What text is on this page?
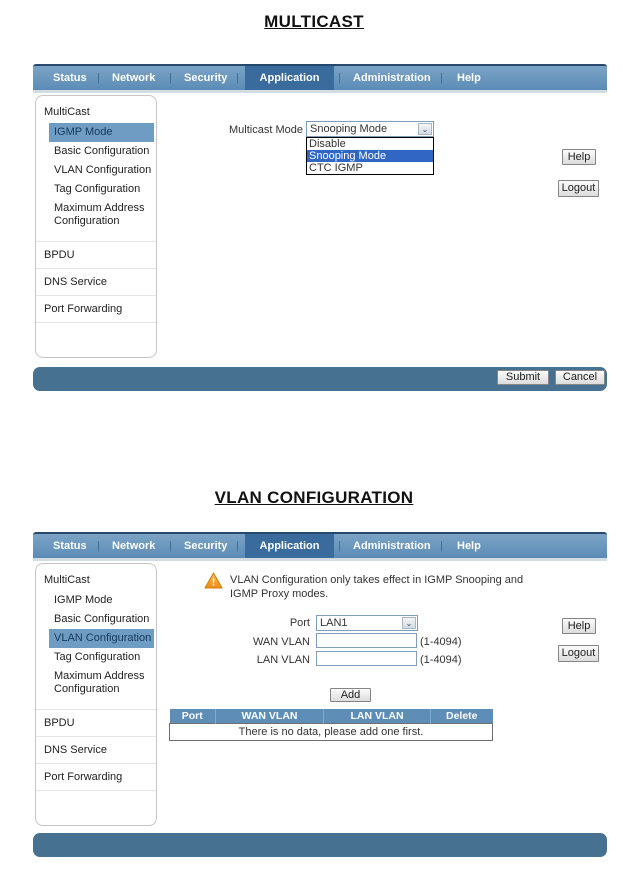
MULTICAST
Status | Network | Security |	Application	| Administration | Help
MultiCast
IGMP Mode
Basic Configuration
VLAN Configuration
Tag Configuration
Maximum Address Configuration
BPDU
DNS Service
Port Forwarding
Multicast Mode Snooping Mode	⌄
Disable
Snooping Mode
CTC IGMP
Help
Logout
Submit	Cancel
VLAN CONFIGURATION
Status | Network | Security |	Application	| Administration | Help
MultiCast
IGMP Mode
Basic Configuration
VLAN Configuration
Tag Configuration
Maximum Address Configuration
BPDU
DNS Service
Port Forwarding
! VLAN Configuration only takes effect in IGMP Snooping and IGMP Proxy modes.
Port LAN1	⌄
WAN VLAN	(1-4094)
LAN VLAN	(1-4094)
Add
Port	WAN VLAN	LAN VLAN	Delete
There is no data, please add one first.
Help
Logout
